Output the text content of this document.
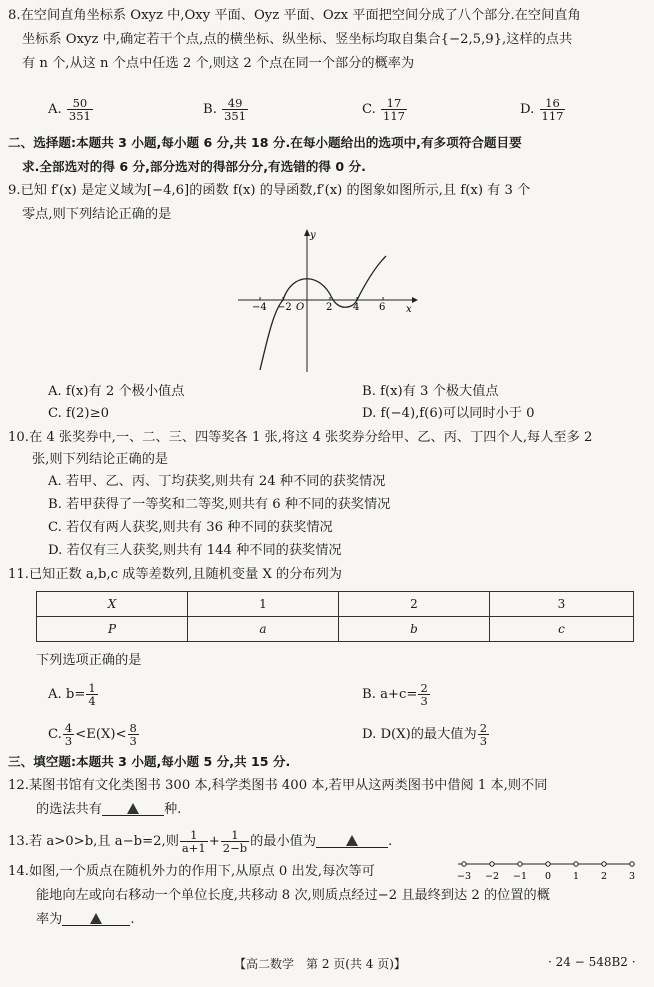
8.在空间直角坐标系 Oxyz 中,Oxy 平面、Oyz 平面、Ozx 平面把空间分成了八个部分.在空间直角
坐标系 Oxyz 中,确定若干个点,点的横坐标、纵坐标、竖坐标均取自集合{−2,5,9},这样的点共
有 n 个,从这 n 个点中任选 2 个,则这 2 个点在同一个部分的概率为
A. $\frac{50}{351}$	B. $\frac{49}{351}$	C. $\frac{17}{117}$	D. $\frac{16}{117}$
二、选择题:本题共 3 小题,每小题 6 分,共 18 分.在每小题给出的选项中,有多项符合题目要
求.全部选对的得 6 分,部分选对的得部分分,有选错的得 0 分.
9.已知 f′(x) 是定义域为[−4,6]的函数 f(x) 的导函数,f′(x) 的图象如图所示,且 f(x) 有 3 个
零点,则下列结论正确的是
y
x
−4 −2 O 2 4 6
A. f(x)有 2 个极小值点	B. f(x)有 3 个极大值点
C. f(2)≥0	D. f(−4),f(6)可以同时小于 0
10.在 4 张奖券中,一、二、三、四等奖各 1 张,将这 4 张奖券分给甲、乙、丙、丁四个人,每人至多 2
张,则下列结论正确的是
A. 若甲、乙、丙、丁均获奖,则共有 24 种不同的获奖情况
B. 若甲获得了一等奖和二等奖,则共有 6 种不同的获奖情况
C. 若仅有两人获奖,则共有 36 种不同的获奖情况
D. 若仅有三人获奖,则共有 144 种不同的获奖情况
11.已知正数 a,b,c 成等差数列,且随机变量 X 的分布列为
X	1	2	3
P	a	b	c
下列选项正确的是
A. $b= \frac{1}{4}$	B. $a+c= \frac{2}{3}$
C. $\frac{4}{3} <E(X)< \frac{8}{3}$	D. D(X)的最大值为 $\frac{2}{3}$
三、填空题:本题共 3 小题,每小题 5 分,共 15 分.
12.某图书馆有文化类图书 300 本,科学类图书 400 本,若甲从这两类图书中借阅 1 本,则不同
的选法共有	种.
13.若 a>0>b,且 a−b=2,则 $\frac{1}{a+1} + \frac{1}{2-b}$ 的最小值为	.
14.如图,一个质点在随机外力的作用下,从原点 0 出发,每次等可
能地向左或向右移动一个单位长度,共移动 8 次,则质点经过−2 且最终到达 2 的位置的概
率为	.
−3 −2 −1 0 1 2 3
【高二数学　第 2 页(共 4 页)】	· 24 − 548B2 ·
